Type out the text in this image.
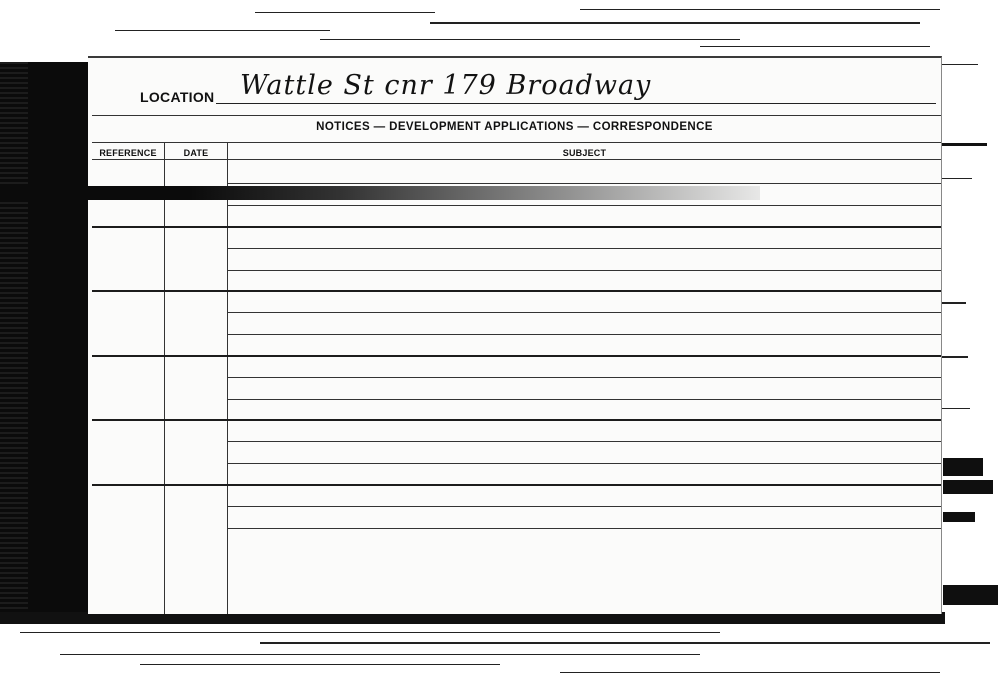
LOCATION Wattle St cnr 179 Broadway
NOTICES — DEVELOPMENT APPLICATIONS — CORRESPONDENCE
REFERENCE	DATE	SUBJECT
